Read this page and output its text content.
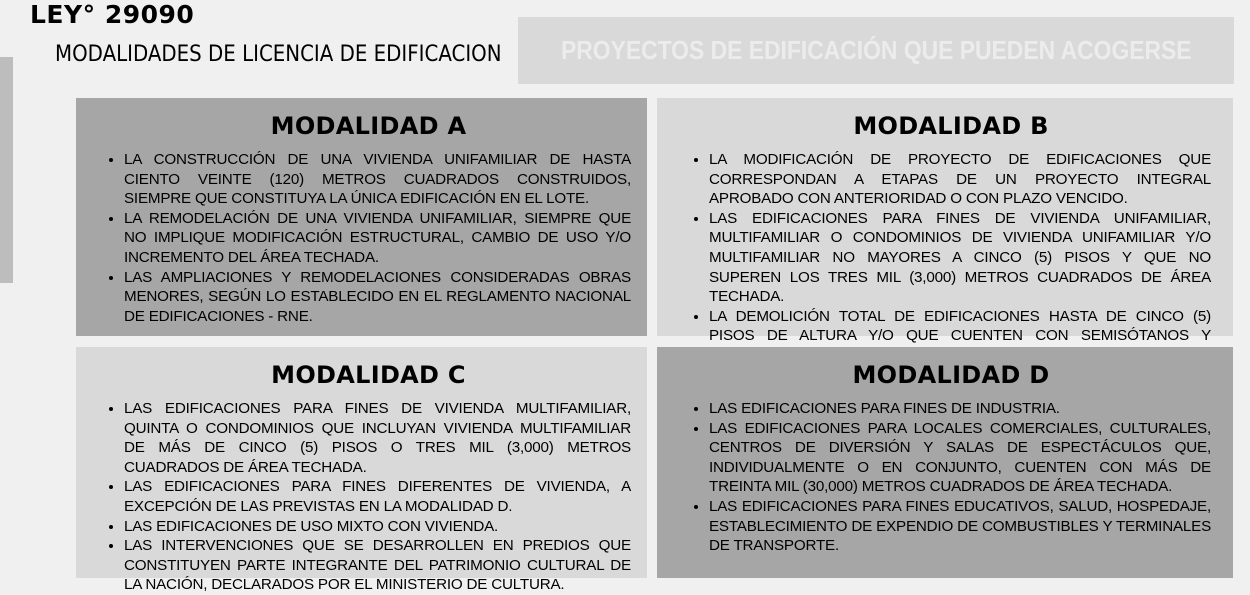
LEY° 29090
MODALIDADES DE LICENCIA DE EDIFICACION PROYECTOS DE EDIFICACIÓN QUE PUEDEN ACOGERSE
MODALIDAD A
• LA CONSTRUCCIÓN DE UNA VIVIENDA UNIFAMILIAR DE HASTA CIENTO VEINTE (120) METROS CUADRADOS CONSTRUIDOS, SIEMPRE QUE CONSTITUYA LA ÚNICA EDIFICACIÓN EN EL LOTE.
• LA REMODELACIÓN DE UNA VIVIENDA UNIFAMILIAR, SIEMPRE QUE NO IMPLIQUE MODIFICACIÓN ESTRUCTURAL, CAMBIO DE USO Y/O INCREMENTO DEL ÁREA TECHADA.
• LAS AMPLIACIONES Y REMODELACIONES CONSIDERADAS OBRAS MENORES, SEGÚN LO ESTABLECIDO EN EL REGLAMENTO NACIONAL DE EDIFICACIONES - RNE.
MODALIDAD B
• LA MODIFICACIÓN DE PROYECTO DE EDIFICACIONES QUE CORRESPONDAN A ETAPAS DE UN PROYECTO INTEGRAL APROBADO CON ANTERIORIDAD O CON PLAZO VENCIDO.
• LAS EDIFICACIONES PARA FINES DE VIVIENDA UNIFAMILIAR, MULTIFAMILIAR O CONDOMINIOS DE VIVIENDA UNIFAMILIAR Y/O MULTIFAMILIAR NO MAYORES A CINCO (5) PISOS Y QUE NO SUPEREN LOS TRES MIL (3,000) METROS CUADRADOS DE ÁREA TECHADA.
• LA DEMOLICIÓN TOTAL DE EDIFICACIONES HASTA DE CINCO (5) PISOS DE ALTURA Y/O QUE CUENTEN CON SEMISÓTANOS Y
MODALIDAD C
• LAS EDIFICACIONES PARA FINES DE VIVIENDA MULTIFAMILIAR, QUINTA O CONDOMINIOS QUE INCLUYAN VIVIENDA MULTIFAMILIAR DE MÁS DE CINCO (5) PISOS O TRES MIL (3,000) METROS CUADRADOS DE ÁREA TECHADA.
• LAS EDIFICACIONES PARA FINES DIFERENTES DE VIVIENDA, A EXCEPCIÓN DE LAS PREVISTAS EN LA MODALIDAD D.
• LAS EDIFICACIONES DE USO MIXTO CON VIVIENDA.
• LAS INTERVENCIONES QUE SE DESARROLLEN EN PREDIOS QUE CONSTITUYEN PARTE INTEGRANTE DEL PATRIMONIO CULTURAL DE LA NACIÓN, DECLARADOS POR EL MINISTERIO DE CULTURA.
MODALIDAD D
• LAS EDIFICACIONES PARA FINES DE INDUSTRIA.
• LAS EDIFICACIONES PARA LOCALES COMERCIALES, CULTURALES, CENTROS DE DIVERSIÓN Y SALAS DE ESPECTÁCULOS QUE, INDIVIDUALMENTE O EN CONJUNTO, CUENTEN CON MÁS DE TREINTA MIL (30,000) METROS CUADRADOS DE ÁREA TECHADA.
• LAS EDIFICACIONES PARA FINES EDUCATIVOS, SALUD, HOSPEDAJE, ESTABLECIMIENTO DE EXPENDIO DE COMBUSTIBLES Y TERMINALES DE TRANSPORTE.
